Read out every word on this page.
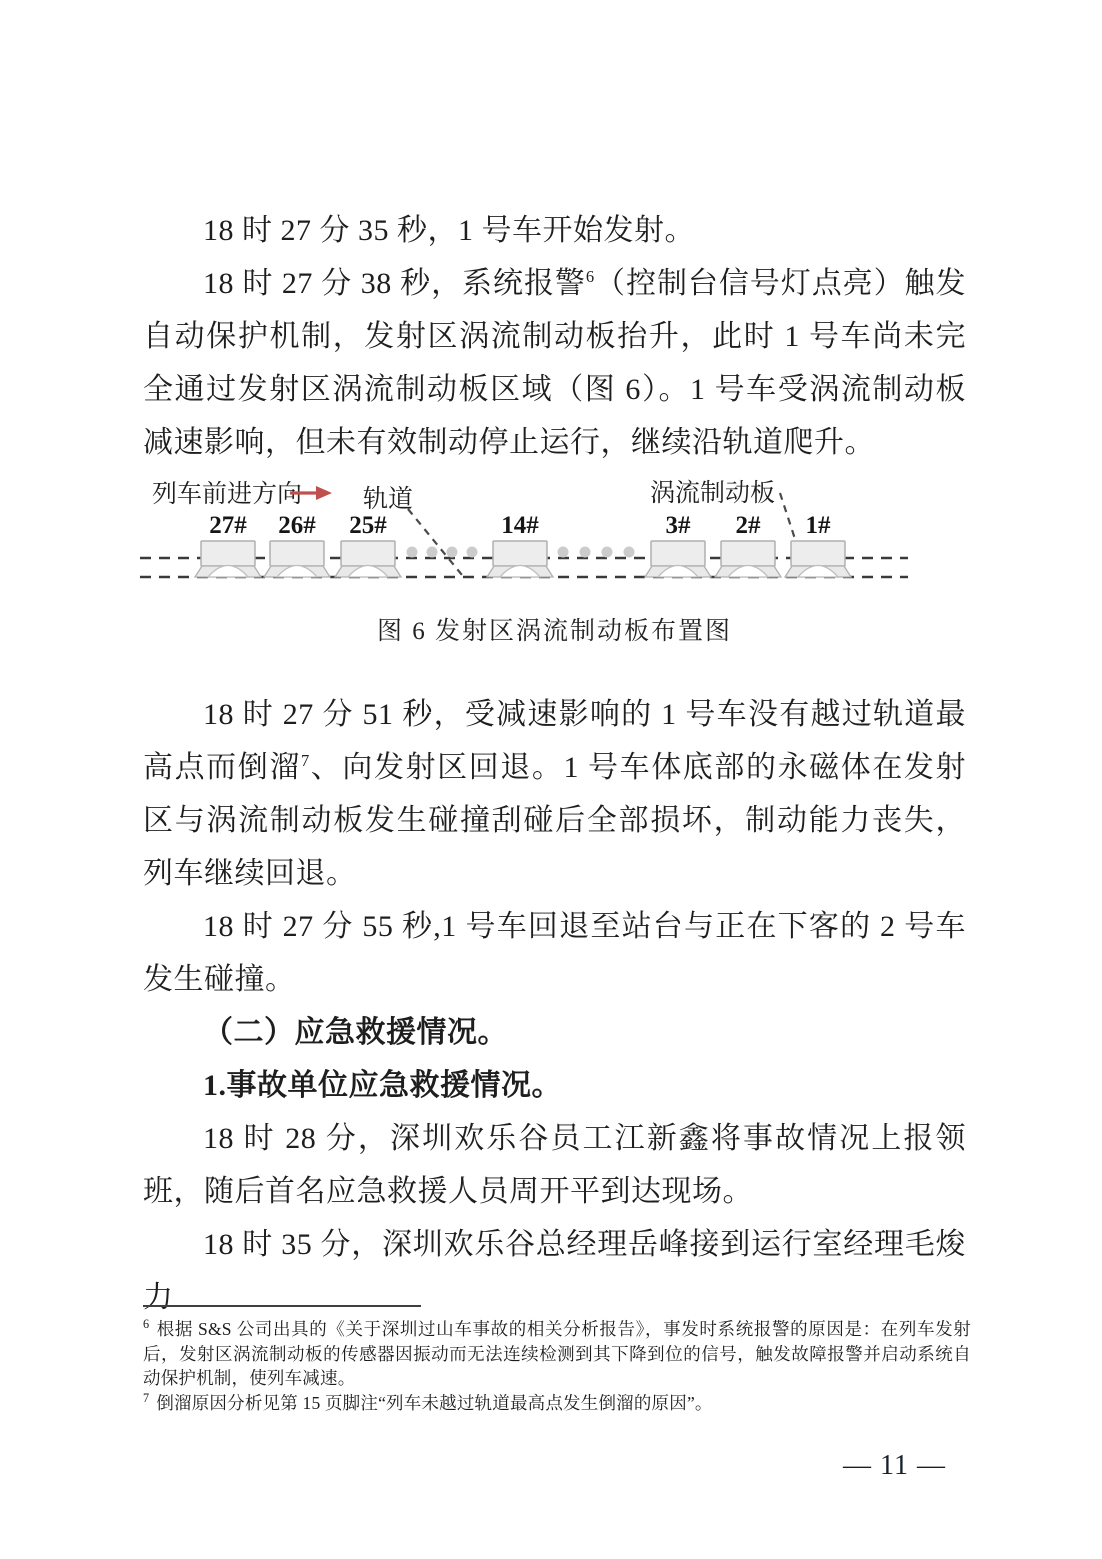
18 时 27 分 35 秒，1 号车开始发射。

18 时 27 分 38 秒，系统报警$^6$（控制台信号灯点亮）触发自动保护机制，发射区涡流制动板抬升，此时 1 号车尚未完全通过发射区涡流制动板区域（图 6）。1 号车受涡流制动板减速影响，但未有效制动停止运行，继续沿轨道爬升。

27# 26# 25#	14#	3# 2# 1#
列车前进方向 轨道	涡流制动板
图 6 发射区涡流制动板布置图

18 时 27 分 51 秒，受减速影响的 1 号车没有越过轨道最高点而倒溜$^7$、向发射区回退。1 号车体底部的永磁体在发射区与涡流制动板发生碰撞刮碰后全部损坏，制动能力丧失，列车继续回退。

18 时 27 分 55 秒,1 号车回退至站台与正在下客的 2 号车发生碰撞。

（二）应急救援情况。
1.事故单位应急救援情况。

18 时 28 分，深圳欢乐谷员工江新鑫将事故情况上报领班，随后首名应急救援人员周开平到达现场。

18 时 35 分，深圳欢乐谷总经理岳峰接到运行室经理毛焌力

$^6$ 根据 S&S 公司出具的《关于深圳过山车事故的相关分析报告》，事发时系统报警的原因是：在列车发射后，发射区涡流制动板的传感器因振动而无法连续检测到其下降到位的信号，触发故障报警并启动系统自动保护机制，使列车减速。

$^7$ 倒溜原因分析见第 15 页脚注“列车未越过轨道最高点发生倒溜的原因”。

— 11 —
